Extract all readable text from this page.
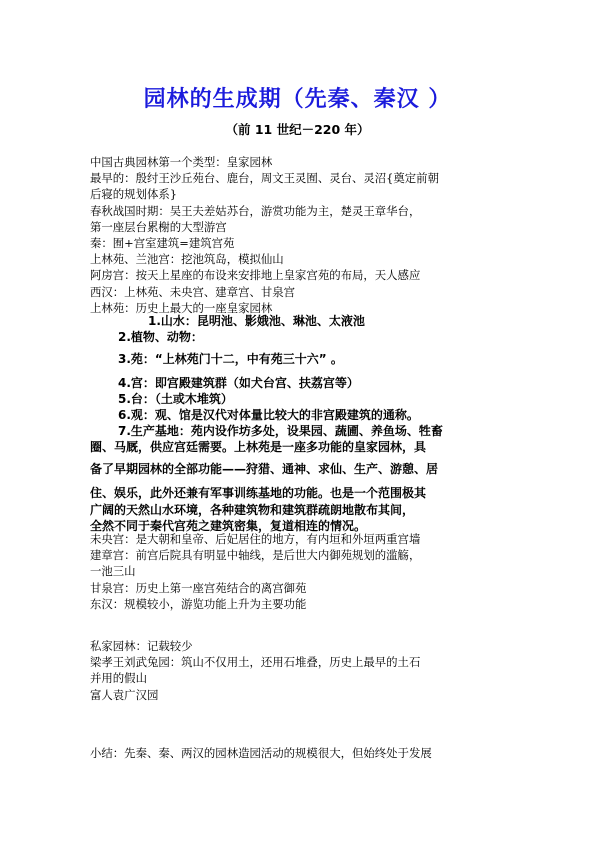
园林的生成期（先秦、秦汉 ）
（前 11 世纪－220 年）
中国古典园林第一个类型：皇家园林
最早的：殷纣王沙丘苑台、鹿台，周文王灵囿、灵台、灵沼{奠定前朝
后寝的规划体系}
春秋战国时期：吴王夫差姑苏台，游赏功能为主，楚灵王章华台，
第一座层台累榭的大型游宫
秦：囿+宫室建筑=建筑宫苑
上林苑、兰池宫：挖池筑岛，模拟仙山
阿房宫：按天上星座的布设来安排地上皇家宫苑的布局，天人感应
西汉：上林苑、未央宫、建章宫、甘泉宫
上林苑：历史上最大的一座皇家园林
1.山水：昆明池、影娥池、琳池、太液池
2.植物、动物：
3.苑：“上林苑门十二，中有苑三十六” 。
4.宫：即宫殿建筑群（如犬台宫、扶荔宫等）
5.台：（土或木堆筑）
6.观：观、馆是汉代对体量比较大的非宫殿建筑的通称。
7.生产基地：苑内设作坊多处，设果园、蔬圃、养鱼场、牲畜
圈、马厩，供应宫廷需要。上林苑是一座多功能的皇家园林，具
备了早期园林的全部功能——狩猎、通神、求仙、生产、游憩、居
住、娱乐，此外还兼有军事训练基地的功能。也是一个范围极其
广阔的天然山水环境，各种建筑物和建筑群疏朗地散布其间，
全然不同于秦代宫苑之建筑密集，复道相连的情况。
未央宫：是大朝和皇帝、后妃居住的地方，有内垣和外垣两重宫墙
建章宫：前宫后院具有明显中轴线，是后世大内御苑规划的滥觞，
一池三山
甘泉宫：历史上第一座宫苑结合的离宫御苑
东汉：规模较小，游览功能上升为主要功能
私家园林：记载较少
梁孝王刘武兔园：筑山不仅用土，还用石堆叠，历史上最早的土石
并用的假山
富人袁广汉园
小结：先秦、秦、两汉的园林造园活动的规模很大，但始终处于发展
